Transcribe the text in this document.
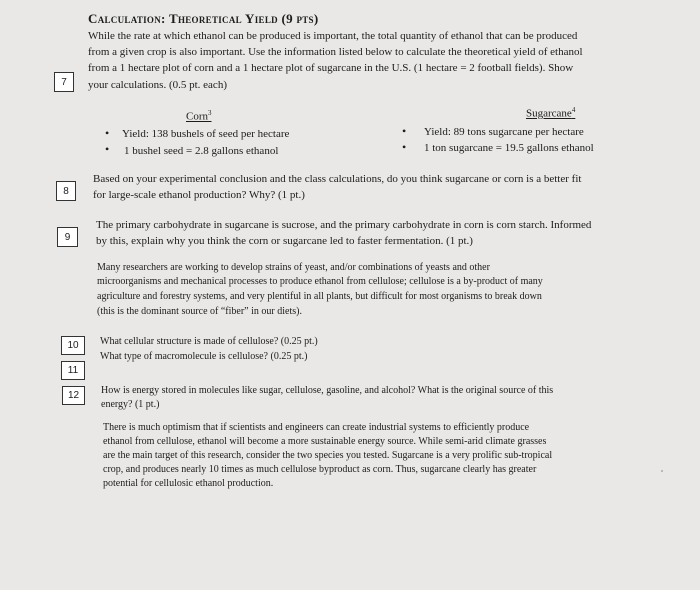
Calculation: Theoretical Yield (9 pts)
While the rate at which ethanol can be produced is important, the total quantity of ethanol that can be produced
from a given crop is also important. Use the information listed below to calculate the theoretical yield of ethanol
from a 1 hectare plot of corn and a 1 hectare plot of sugarcane in the U.S. (1 hectare = 2 football fields). Show
your calculations. (0.5 pt. each)
7
Corn$^3$
• Yield: 138 bushels of seed per hectare
• 1 bushel seed = 2.8 gallons ethanol
Sugarcane$^4$
• Yield: 89 tons sugarcane per hectare
• 1 ton sugarcane = 19.5 gallons ethanol
8
Based on your experimental conclusion and the class calculations, do you think sugarcane or corn is a better fit
for large-scale ethanol production? Why? (1 pt.)
9
The primary carbohydrate in sugarcane is sucrose, and the primary carbohydrate in corn is corn starch. Informed
by this, explain why you think the corn or sugarcane led to faster fermentation. (1 pt.)
Many researchers are working to develop strains of yeast, and/or combinations of yeasts and other
microorganisms and mechanical processes to produce ethanol from cellulose; cellulose is a by-product of many
agriculture and forestry systems, and very plentiful in all plants, but difficult for most organisms to break down
(this is the dominant source of “fiber” in our diets).
10
11
12
What cellular structure is made of cellulose? (0.25 pt.)
What type of macromolecule is cellulose? (0.25 pt.)
How is energy stored in molecules like sugar, cellulose, gasoline, and alcohol? What is the original source of this
energy? (1 pt.)
There is much optimism that if scientists and engineers can create industrial systems to efficiently produce
ethanol from cellulose, ethanol will become a more sustainable energy source. While semi-arid climate grasses
are the main target of this research, consider the two species you tested. Sugarcane is a very prolific sub-tropical
crop, and produces nearly 10 times as much cellulose byproduct as corn. Thus, sugarcane clearly has greater
potential for cellulosic ethanol production.
